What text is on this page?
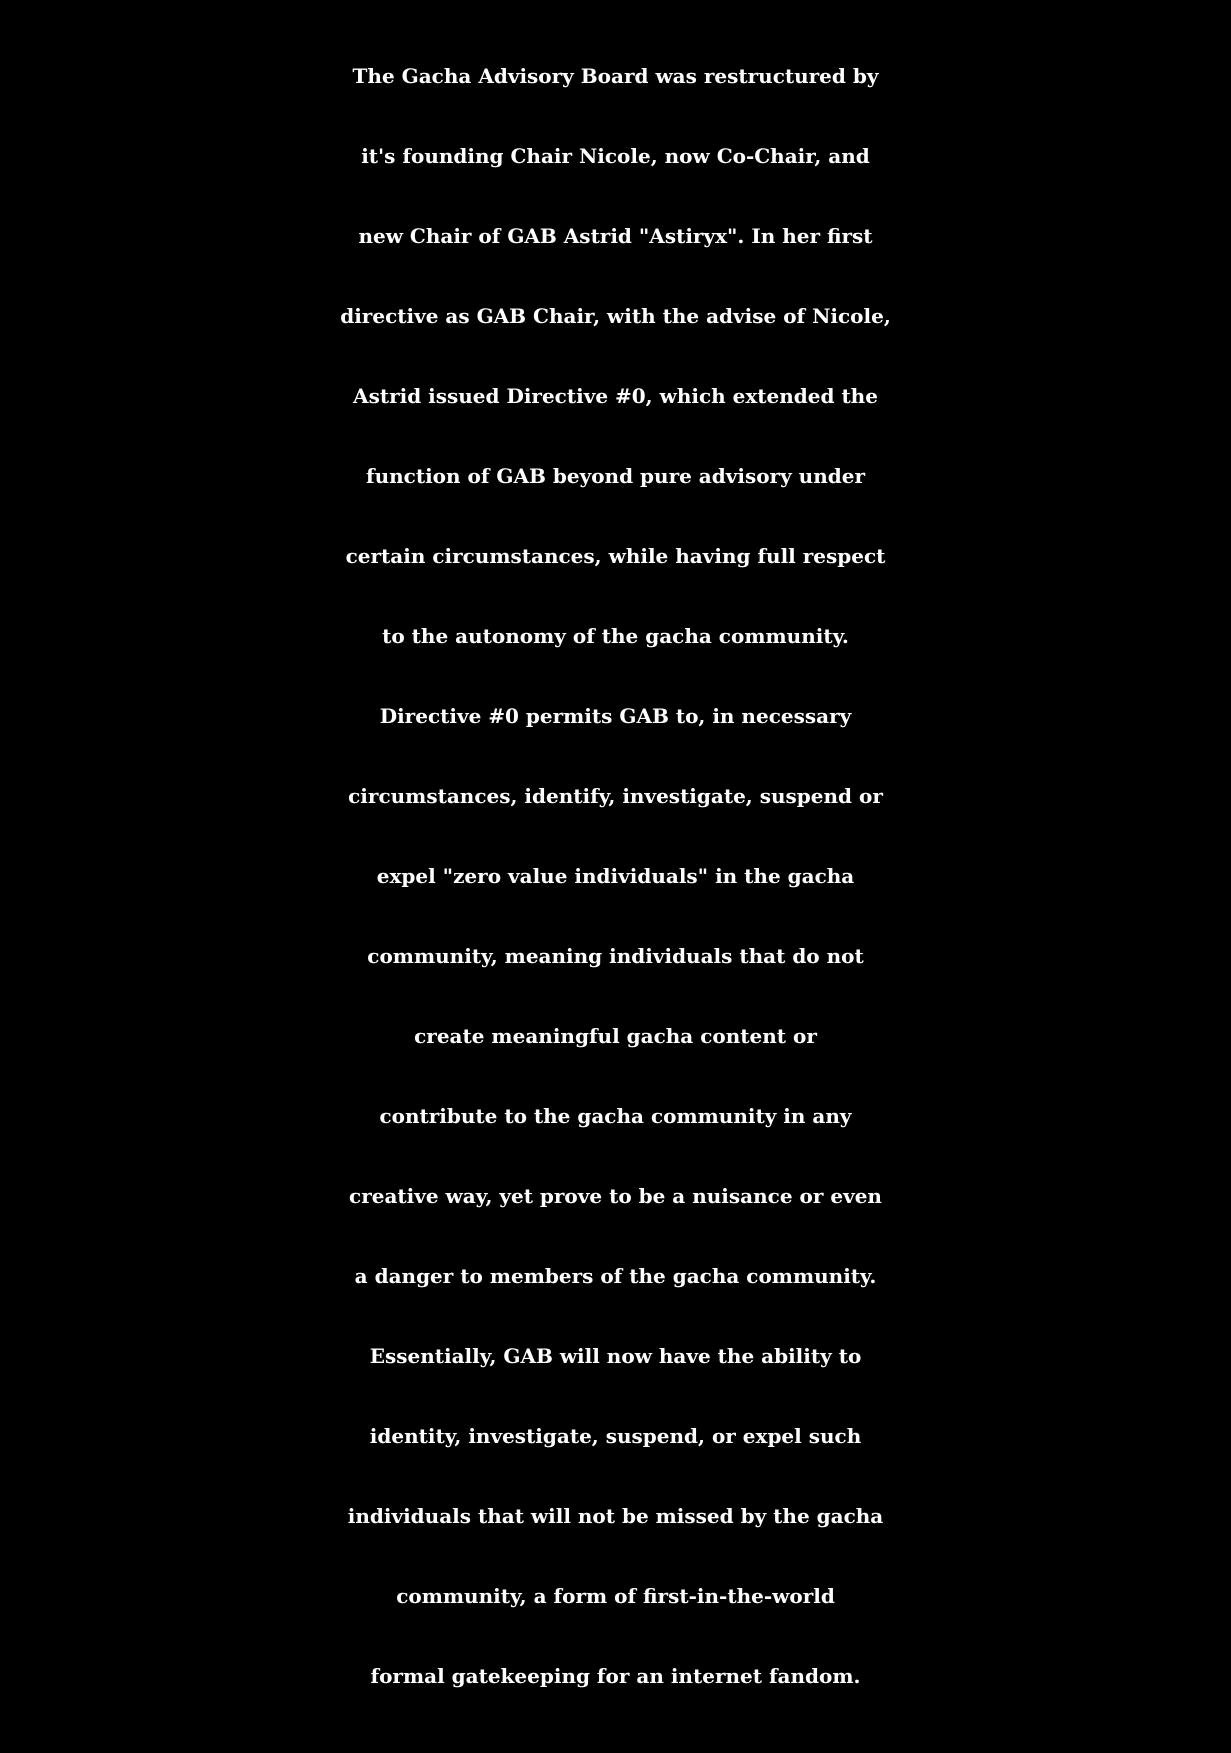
The Gacha Advisory Board was restructured by
it's founding Chair Nicole, now Co-Chair, and
new Chair of GAB Astrid "Astiryx". In her first
directive as GAB Chair, with the advise of Nicole,
Astrid issued Directive #0, which extended the
function of GAB beyond pure advisory under
certain circumstances, while having full respect
to the autonomy of the gacha community.
Directive #0 permits GAB to, in necessary
circumstances, identify, investigate, suspend or
expel "zero value individuals" in the gacha
community, meaning individuals that do not
create meaningful gacha content or
contribute to the gacha community in any
creative way, yet prove to be a nuisance or even
a danger to members of the gacha community.
Essentially, GAB will now have the ability to
identity, investigate, suspend, or expel such
individuals that will not be missed by the gacha
community, a form of first-in-the-world
formal gatekeeping for an internet fandom.
